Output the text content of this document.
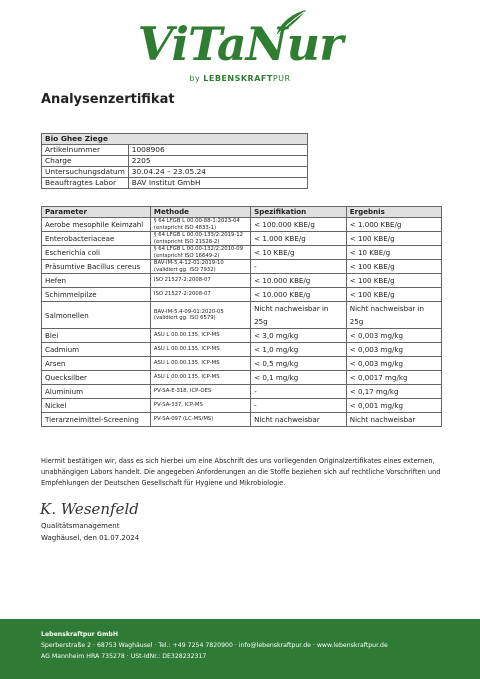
ViTaNur
by LEBENSKRAFTPUR
Analysenzertifikat
Bio Ghee Ziege	
Artikelnummer	1008906
Charge	2205
Untersuchungsdatum	30.04.24 – 23.05.24
Beauftragtes Labor	BAV Institut GmbH
Parameter	Methode	Spezifikation	Ergebnis
Aerobe mesophile Keimzahl	§ 64 LFGB L 00.00-88-1:2023-04 (entspricht ISO 4833-1)	< 100.000 KBE/g	< 1.000 KBE/g
Enterobacteriaceae	§ 64 LFGB L 00.00-133/2:2019-12 (entspricht ISO 21528-2)	< 1.000 KBE/g	< 100 KBE/g
Escherichia coli	§ 64 LFGB L 00.00-132/2:2010-09 (entspricht ISO 16649-2)	< 10 KBE/g	< 10 KBE/g
Präsumtive Bacillus cereus	BAV-IM-5.4-12-01:2019-10 (validiert gg. ISO 7932)	-	< 100 KBE/g
Hefen	ISO 21527-2:2008-07	< 10.000 KBE/g	< 100 KBE/g
Schimmelpilze	ISO 21527-2:2008-07	< 10.000 KBE/g	< 100 KBE/g
Salmonellen	BAV-IM-5.4-09-01:2020-05 (validiert gg. ISO 6579)	Nicht nachweisbar in 25g	Nicht nachweisbar in 25g
Blei	ASU L 00.00.135, ICP-MS	< 3,0 mg/kg	< 0,003 mg/kg
Cadmium	ASU L 00.00.135, ICP-MS	< 1,0 mg/kg	< 0,003 mg/kg
Arsen	ASU L 00.00.135, ICP-MS	< 0,5 mg/kg	< 0,003 mg/kg
Quecksilber	ASU L 00.00.135, ICP-MS	< 0,1 mg/kg	< 0,0017 mg/kg
Aluminium	PV-SA-E-318, ICP-OES	-	< 0,17 mg/kg
Nickel	PV-SA-337, ICP-MS	-	< 0,001 mg/kg
Tierarzneimittel-Screening	PV-SA-097 (LC-MS/MS)	Nicht nachweisbar	Nicht nachweisbar
Hiermit bestätigen wir, dass es sich hierbei um eine Abschrift des uns vorliegenden Originalzertifikates eines externen, unabhängigen Labors handelt. Die angegeben Anforderungen an die Stoffe beziehen sich auf rechtliche Vorschriften und Empfehlungen der Deutschen Gesellschaft für Hygiene und Mikrobiologie.
K. Wesenfeld
Qualitätsmanagement
Waghäusel, den 01.07.2024
Lebenskraftpur GmbH
Sperberstraße 2 · 68753 Waghäusel · Tel.: +49 7254 7820900 · info@lebenskraftpur.de · www.lebenskraftpur.de
AG Mannheim HRA 735278 · USt-IdNr.: DE328232317
